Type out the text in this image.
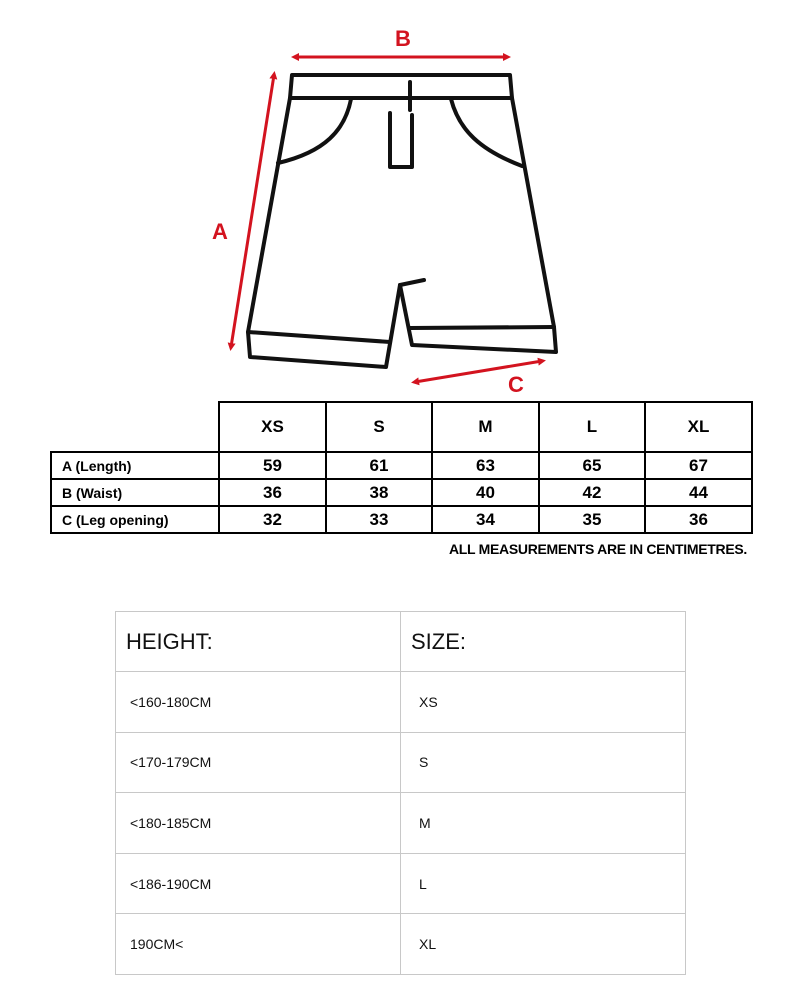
B
A
C
	XS	S	M	L	XL
A (Length)	59	61	63	65	67
B (Waist)	36	38	40	42	44
C (Leg opening)	32	33	34	35	36
ALL MEASUREMENTS ARE IN CENTIMETRES.
HEIGHT:	SIZE:
<160-180CM	XS
<170-179CM	S
<180-185CM	M
<186-190CM	L
190CM<	XL
